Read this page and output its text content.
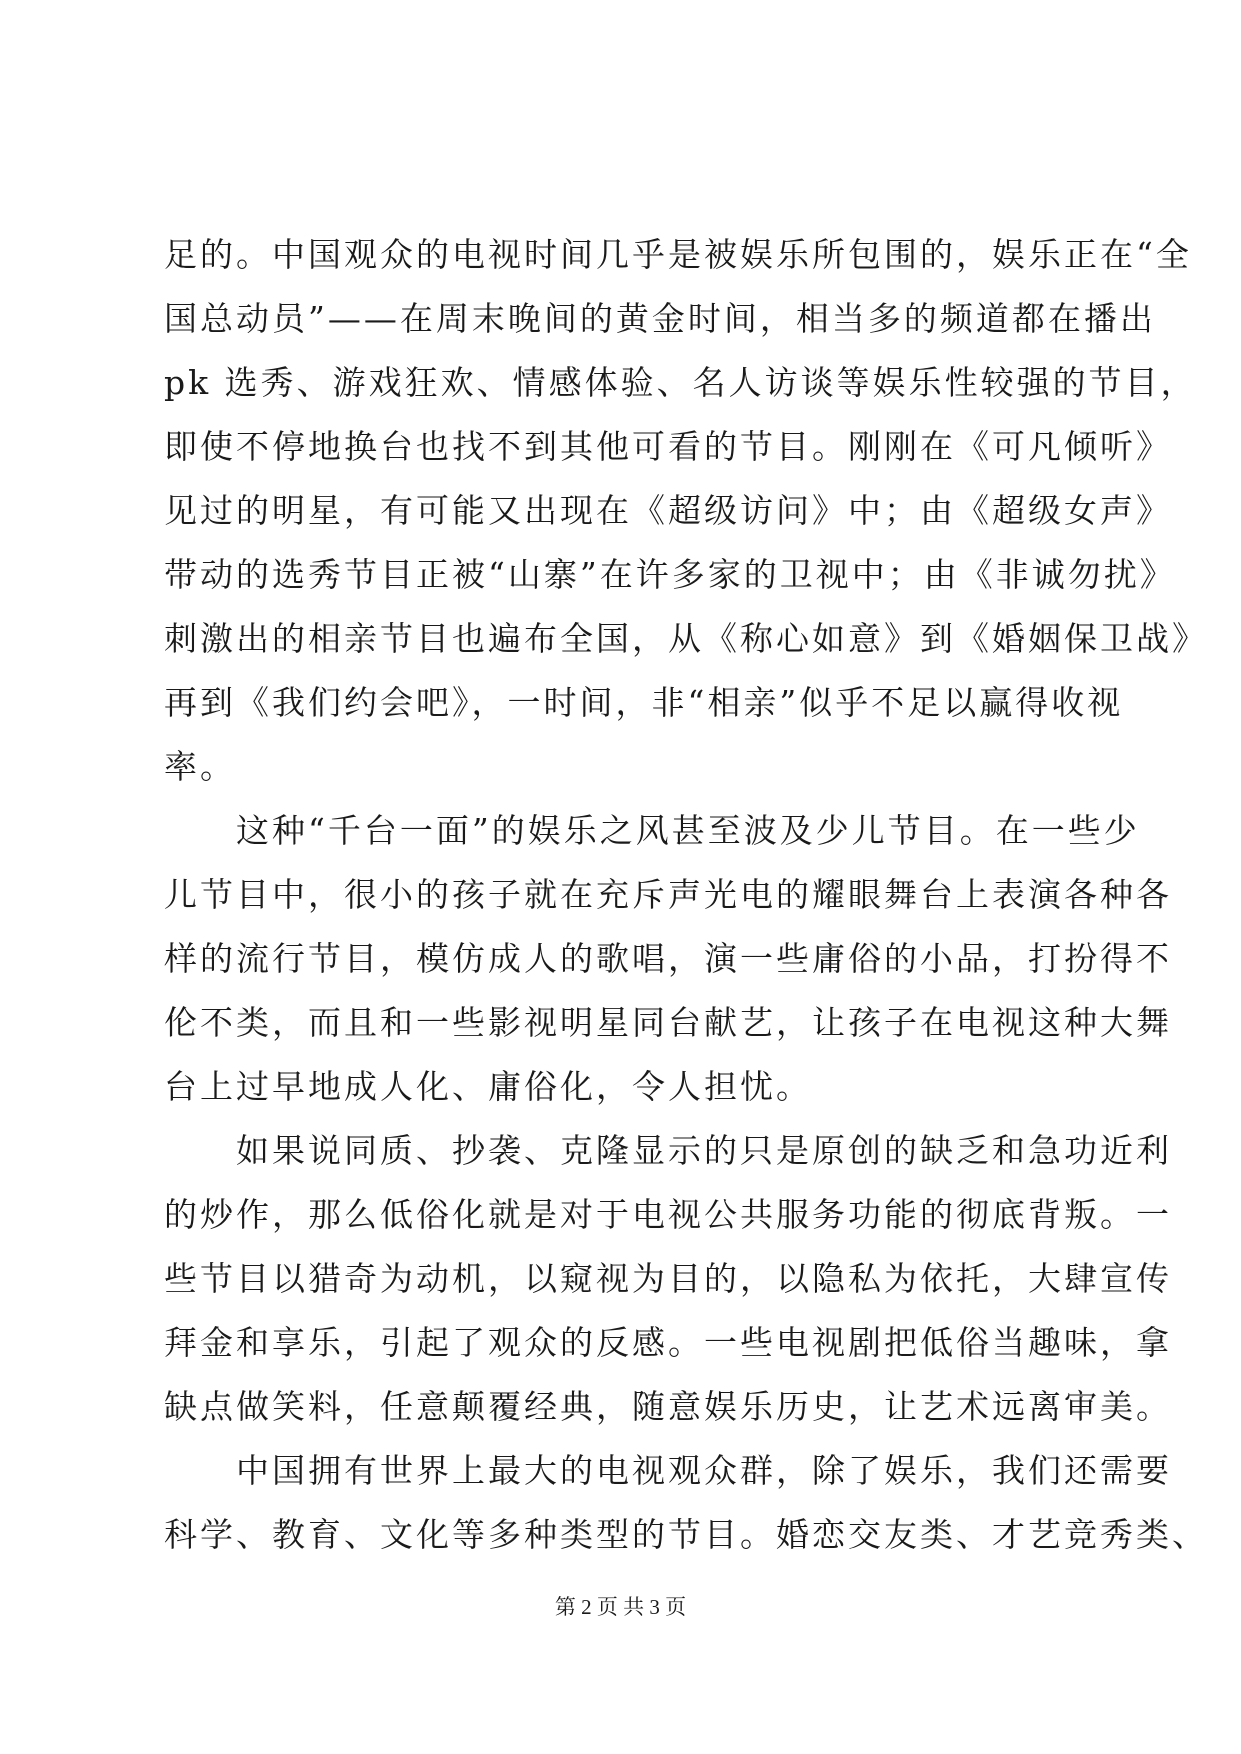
足的。中国观众的电视时间几乎是被娱乐所包围的，娱乐正在“全
国总动员”——在周末晚间的黄金时间，相当多的频道都在播出
pk 选秀、游戏狂欢、情感体验、名人访谈等娱乐性较强的节目，
即使不停地换台也找不到其他可看的节目。刚刚在《可凡倾听》
见过的明星，有可能又出现在《超级访问》中；由《超级女声》
带动的选秀节目正被“山寨”在许多家的卫视中；由《非诚勿扰》
刺激出的相亲节目也遍布全国，从《称心如意》到《婚姻保卫战》
再到《我们约会吧》，一时间，非“相亲”似乎不足以赢得收视
率。
　　这种“千台一面”的娱乐之风甚至波及少儿节目。在一些少
儿节目中，很小的孩子就在充斥声光电的耀眼舞台上表演各种各
样的流行节目，模仿成人的歌唱，演一些庸俗的小品，打扮得不
伦不类，而且和一些影视明星同台献艺，让孩子在电视这种大舞
台上过早地成人化、庸俗化，令人担忧。
　　如果说同质、抄袭、克隆显示的只是原创的缺乏和急功近利
的炒作，那么低俗化就是对于电视公共服务功能的彻底背叛。一
些节目以猎奇为动机，以窥视为目的，以隐私为依托，大肆宣传
拜金和享乐，引起了观众的反感。一些电视剧把低俗当趣味，拿
缺点做笑料，任意颠覆经典，随意娱乐历史，让艺术远离审美。
　　中国拥有世界上最大的电视观众群，除了娱乐，我们还需要
科学、教育、文化等多种类型的节目。婚恋交友类、才艺竞秀类、
第 2 页 共 3 页
